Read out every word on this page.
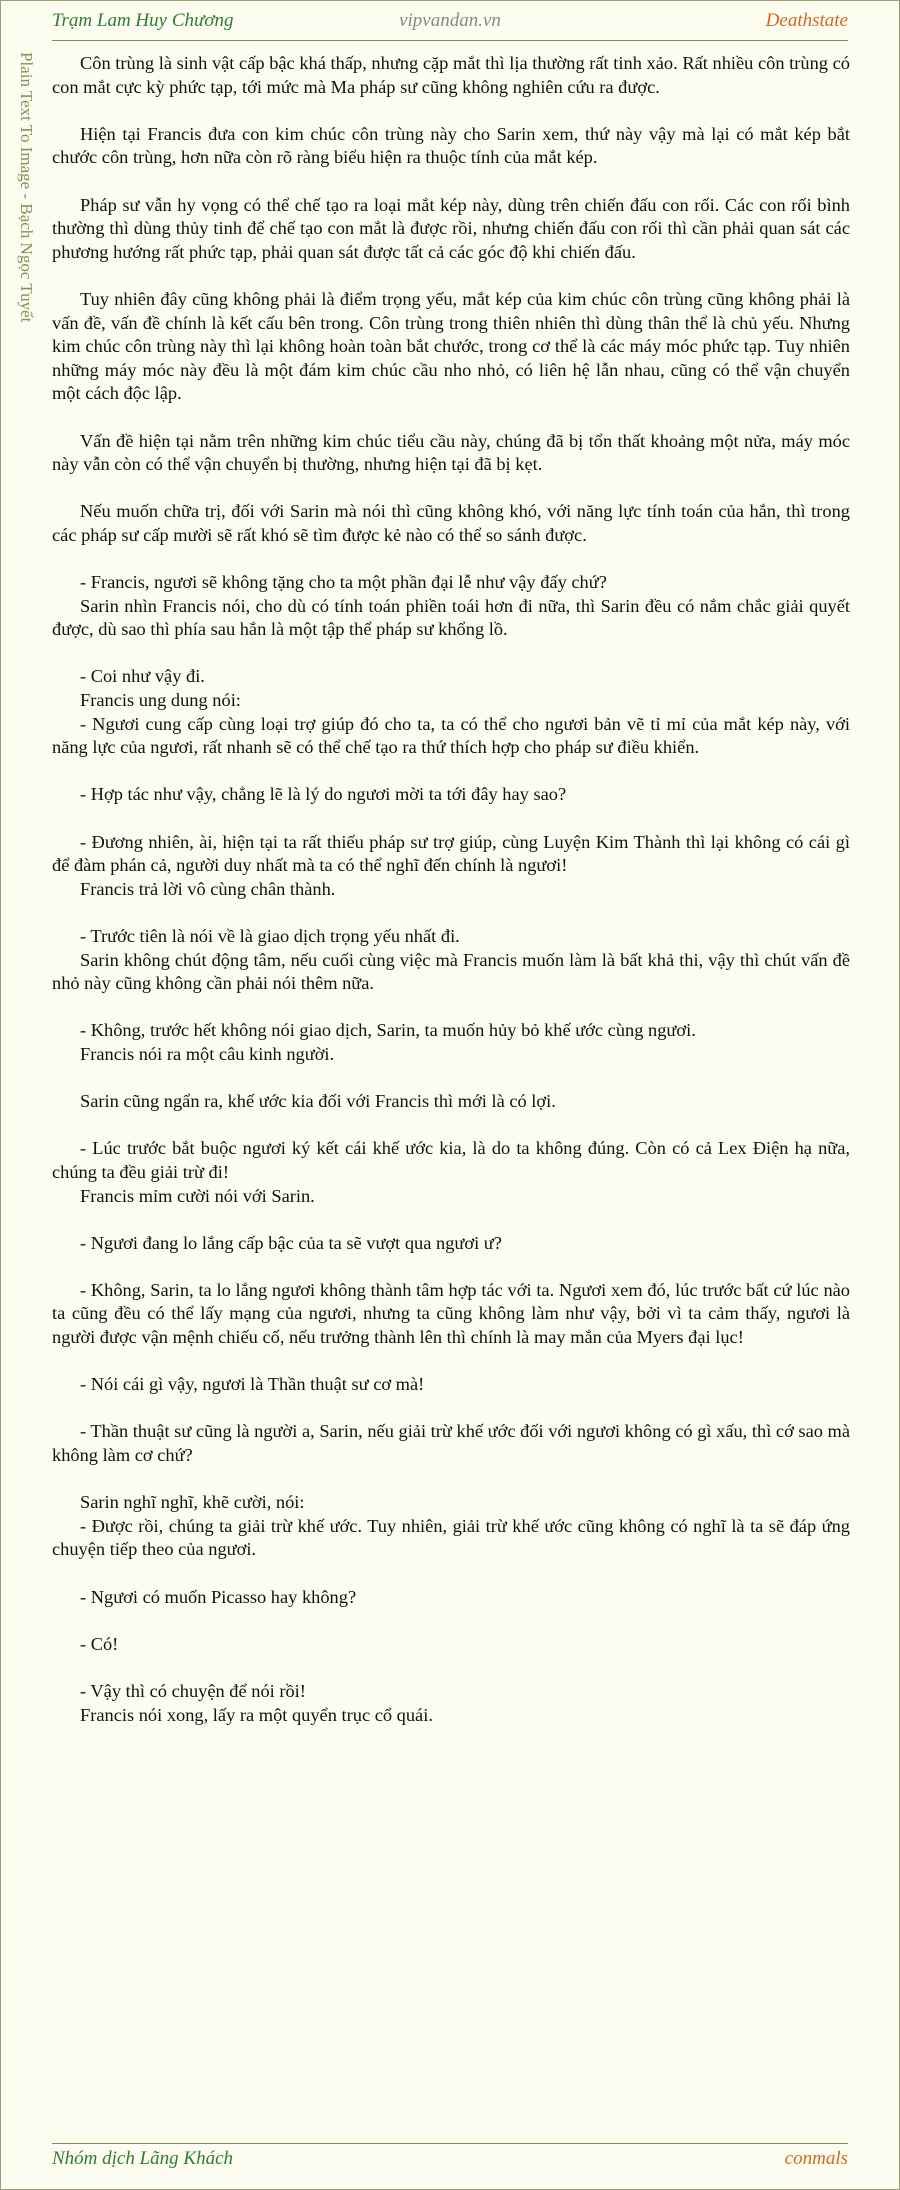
Trạm Lam Huy Chương	vipvandan.vn	Deathstate
Plain Text To Image - Bạch Ngọc Tuyết	Côn trùng là sinh vật cấp bậc khá thấp, nhưng cặp mắt thì lịa thường rất tinh xảo. Rất nhiều côn trùng có con mắt cực kỳ phức tạp, tới mức mà Ma pháp sư cũng không nghiên cứu ra được.

Hiện tại Francis đưa con kim chúc côn trùng này cho Sarin xem, thứ này vậy mà lại có mắt kép bắt chước côn trùng, hơn nữa còn rõ ràng biểu hiện ra thuộc tính của mắt kép.

Pháp sư vẫn hy vọng có thể chế tạo ra loại mắt kép này, dùng trên chiến đấu con rối. Các con rối bình thường thì dùng thủy tinh để chế tạo con mắt là được rồi, nhưng chiến đấu con rối thì cần phải quan sát các phương hướng rất phức tạp, phải quan sát được tất cả các góc độ khi chiến đấu.

Tuy nhiên đây cũng không phải là điểm trọng yếu, mắt kép của kim chúc côn trùng cũng không phải là vấn đề, vấn đề chính là kết cấu bên trong. Côn trùng trong thiên nhiên thì dùng thân thể là chủ yếu. Nhưng kim chúc côn trùng này thì lại không hoàn toàn bắt chước, trong cơ thể là các máy móc phức tạp. Tuy nhiên những máy móc này đều là một đám kim chúc cầu nho nhỏ, có liên hệ lẫn nhau, cũng có thể vận chuyển một cách độc lập.

Vấn đề hiện tại nằm trên những kim chúc tiểu cầu này, chúng đã bị tổn thất khoảng một nửa, máy móc này vẫn còn có thể vận chuyển bị thường, nhưng hiện tại đã bị kẹt.

Nếu muốn chữa trị, đối với Sarin mà nói thì cũng không khó, với năng lực tính toán của hắn, thì trong các pháp sư cấp mười sẽ rất khó sẽ tìm được kẻ nào có thể so sánh được.

- Francis, ngươi sẽ không tặng cho ta một phần đại lễ như vậy đấy chứ?
Sarin nhìn Francis nói, cho dù có tính toán phiền toái hơn đi nữa, thì Sarin đều có nắm chắc giải quyết được, dù sao thì phía sau hắn là một tập thể pháp sư khổng lồ.

- Coi như vậy đi.
Francis ung dung nói:
- Ngươi cung cấp cùng loại trợ giúp đó cho ta, ta có thể cho ngươi bản vẽ tỉ mỉ của mắt kép này, với năng lực của ngươi, rất nhanh sẽ có thể chế tạo ra thứ thích hợp cho pháp sư điều khiển.

- Hợp tác như vậy, chẳng lẽ là lý do ngươi mời ta tới đây hay sao?

- Đương nhiên, ài, hiện tại ta rất thiếu pháp sư trợ giúp, cùng Luyện Kim Thành thì lại không có cái gì để đàm phán cả, người duy nhất mà ta có thể nghĩ đến chính là ngươi!
Francis trả lời vô cùng chân thành.

- Trước tiên là nói về là giao dịch trọng yếu nhất đi.
Sarin không chút động tâm, nếu cuối cùng việc mà Francis muốn làm là bất khả thi, vậy thì chút vấn đề nhỏ này cũng không cần phải nói thêm nữa.

- Không, trước hết không nói giao dịch, Sarin, ta muốn hủy bỏ khế ước cùng ngươi.
Francis nói ra một câu kinh người.

Sarin cũng ngẩn ra, khế ước kia đối với Francis thì mới là có lợi.

- Lúc trước bắt buộc ngươi ký kết cái khế ước kia, là do ta không đúng. Còn có cả Lex Điện hạ nữa, chúng ta đều giải trừ đi!
Francis mỉm cười nói với Sarin.

- Ngươi đang lo lắng cấp bậc của ta sẽ vượt qua ngươi ư?

- Không, Sarin, ta lo lắng ngươi không thành tâm hợp tác với ta. Ngươi xem đó, lúc trước bất cứ lúc nào ta cũng đều có thể lấy mạng của ngươi, nhưng ta cũng không làm như vậy, bởi vì ta cảm thấy, ngươi là người được vận mệnh chiếu cố, nếu trưởng thành lên thì chính là may mắn của Myers đại lục!

- Nói cái gì vậy, ngươi là Thần thuật sư cơ mà!

- Thần thuật sư cũng là người a, Sarin, nếu giải trừ khế ước đối với ngươi không có gì xấu, thì cớ sao mà không làm cơ chứ?

Sarin nghĩ nghĩ, khẽ cười, nói:
- Được rồi, chúng ta giải trừ khế ước. Tuy nhiên, giải trừ khế ước cũng không có nghĩ là ta sẽ đáp ứng chuyện tiếp theo của ngươi.

- Ngươi có muốn Picasso hay không?

- Có!

- Vậy thì có chuyện để nói rồi!
Francis nói xong, lấy ra một quyển trục cổ quái.

Nhóm dịch Lãng Khách	conmals
